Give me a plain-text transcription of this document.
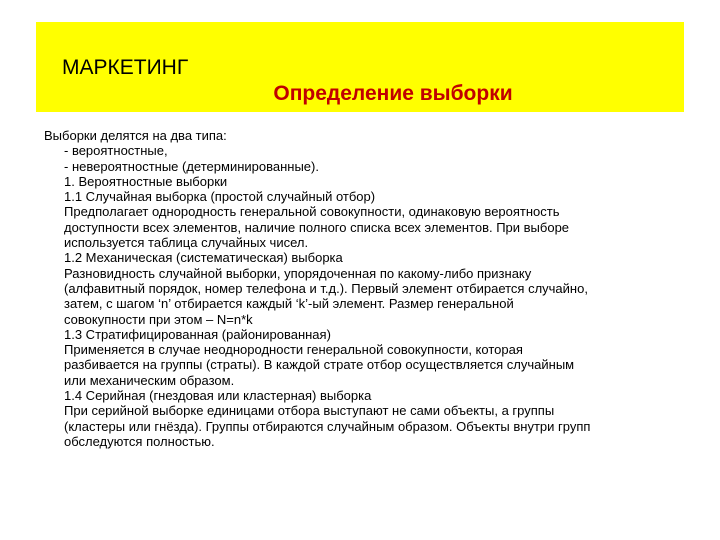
МАРКЕТИНГ
Определение выборки
Выборки делятся на два типа:
- вероятностные,
- невероятностные (детерминированные).
1. Вероятностные выборки
1.1 Случайная выборка (простой случайный отбор)
Предполагает однородность генеральной совокупности, одинаковую вероятность
доступности всех элементов, наличие полного списка всех элементов. При выборе
используется таблица случайных чисел.
1.2 Механическая (систематическая) выборка
Разновидность случайной выборки, упорядоченная по какому-либо признаку
(алфавитный порядок, номер телефона и т.д.). Первый элемент отбирается случайно,
затем, с шагом ‘n’ отбирается каждый ‘k’-ый элемент. Размер генеральной
совокупности при этом – N=n*k
1.3 Стратифицированная (районированная)
Применяется в случае неоднородности генеральной совокупности, которая
разбивается на группы (страты). В каждой страте отбор осуществляется случайным
или механическим образом.
1.4 Серийная (гнездовая или кластерная) выборка
При серийной выборке единицами отбора выступают не сами объекты, а группы
(кластеры или гнёзда). Группы отбираются случайным образом. Объекты внутри групп
обследуются полностью.
